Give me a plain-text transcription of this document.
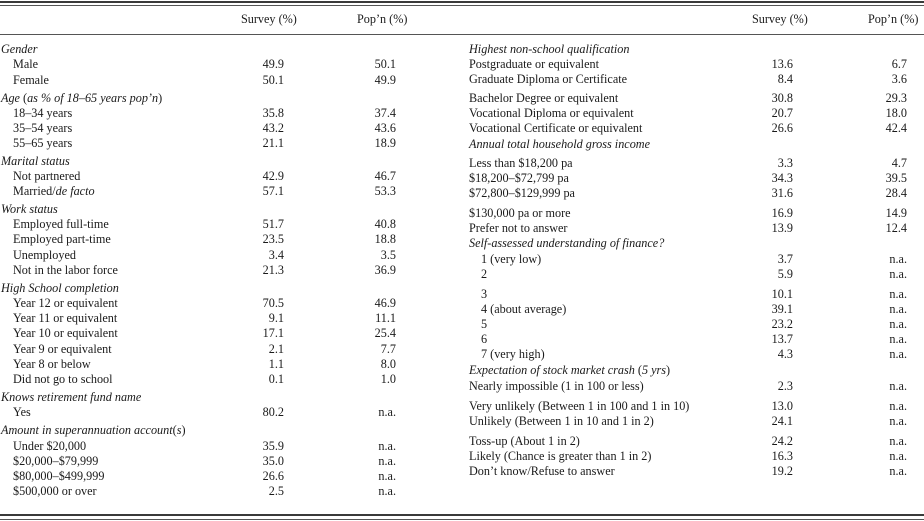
Survey (%)	Pop’n (%)	Survey (%)	Pop’n (%)
Gender
Male	49.9	50.1
Female	50.1	49.9
Age (as % of 18–65 years pop’n)
18–34 years	35.8	37.4
35–54 years	43.2	43.6
55–65 years	21.1	18.9
Marital status
Not partnered	42.9	46.7
Married/de facto	57.1	53.3
Work status
Employed full-time	51.7	40.8
Employed part-time	23.5	18.8
Unemployed	3.4	3.5
Not in the labor force	21.3	36.9
High School completion
Year 12 or equivalent	70.5	46.9
Year 11 or equivalent	9.1	11.1
Year 10 or equivalent	17.1	25.4
Year 9 or equivalent	2.1	7.7
Year 8 or below	1.1	8.0
Did not go to school	0.1	1.0
Knows retirement fund name
Yes	80.2	n.a.
Amount in superannuation account(s)
Under $20,000	35.9	n.a.
$20,000–$79,999	35.0	n.a.
$80,000–$499,999	26.6	n.a.
$500,000 or over	2.5	n.a.
Highest non-school qualification
Postgraduate or equivalent	13.6	6.7
Graduate Diploma or Certificate	8.4	3.6
Bachelor Degree or equivalent	30.8	29.3
Vocational Diploma or equivalent	20.7	18.0
Vocational Certificate or equivalent	26.6	42.4
Annual total household gross income
Less than $18,200 pa	3.3	4.7
$18,200–$72,799 pa	34.3	39.5
$72,800–$129,999 pa	31.6	28.4
$130,000 pa or more	16.9	14.9
Prefer not to answer	13.9	12.4
Self-assessed understanding of finance?
1 (very low)	3.7	n.a.
2	5.9	n.a.
3	10.1	n.a.
4 (about average)	39.1	n.a.
5	23.2	n.a.
6	13.7	n.a.
7 (very high)	4.3	n.a.
Expectation of stock market crash (5 yrs)
Nearly impossible (1 in 100 or less)	2.3	n.a.
Very unlikely (Between 1 in 100 and 1 in 10)	13.0	n.a.
Unlikely (Between 1 in 10 and 1 in 2)	24.1	n.a.
Toss-up (About 1 in 2)	24.2	n.a.
Likely (Chance is greater than 1 in 2)	16.3	n.a.
Don’t know/Refuse to answer	19.2	n.a.
